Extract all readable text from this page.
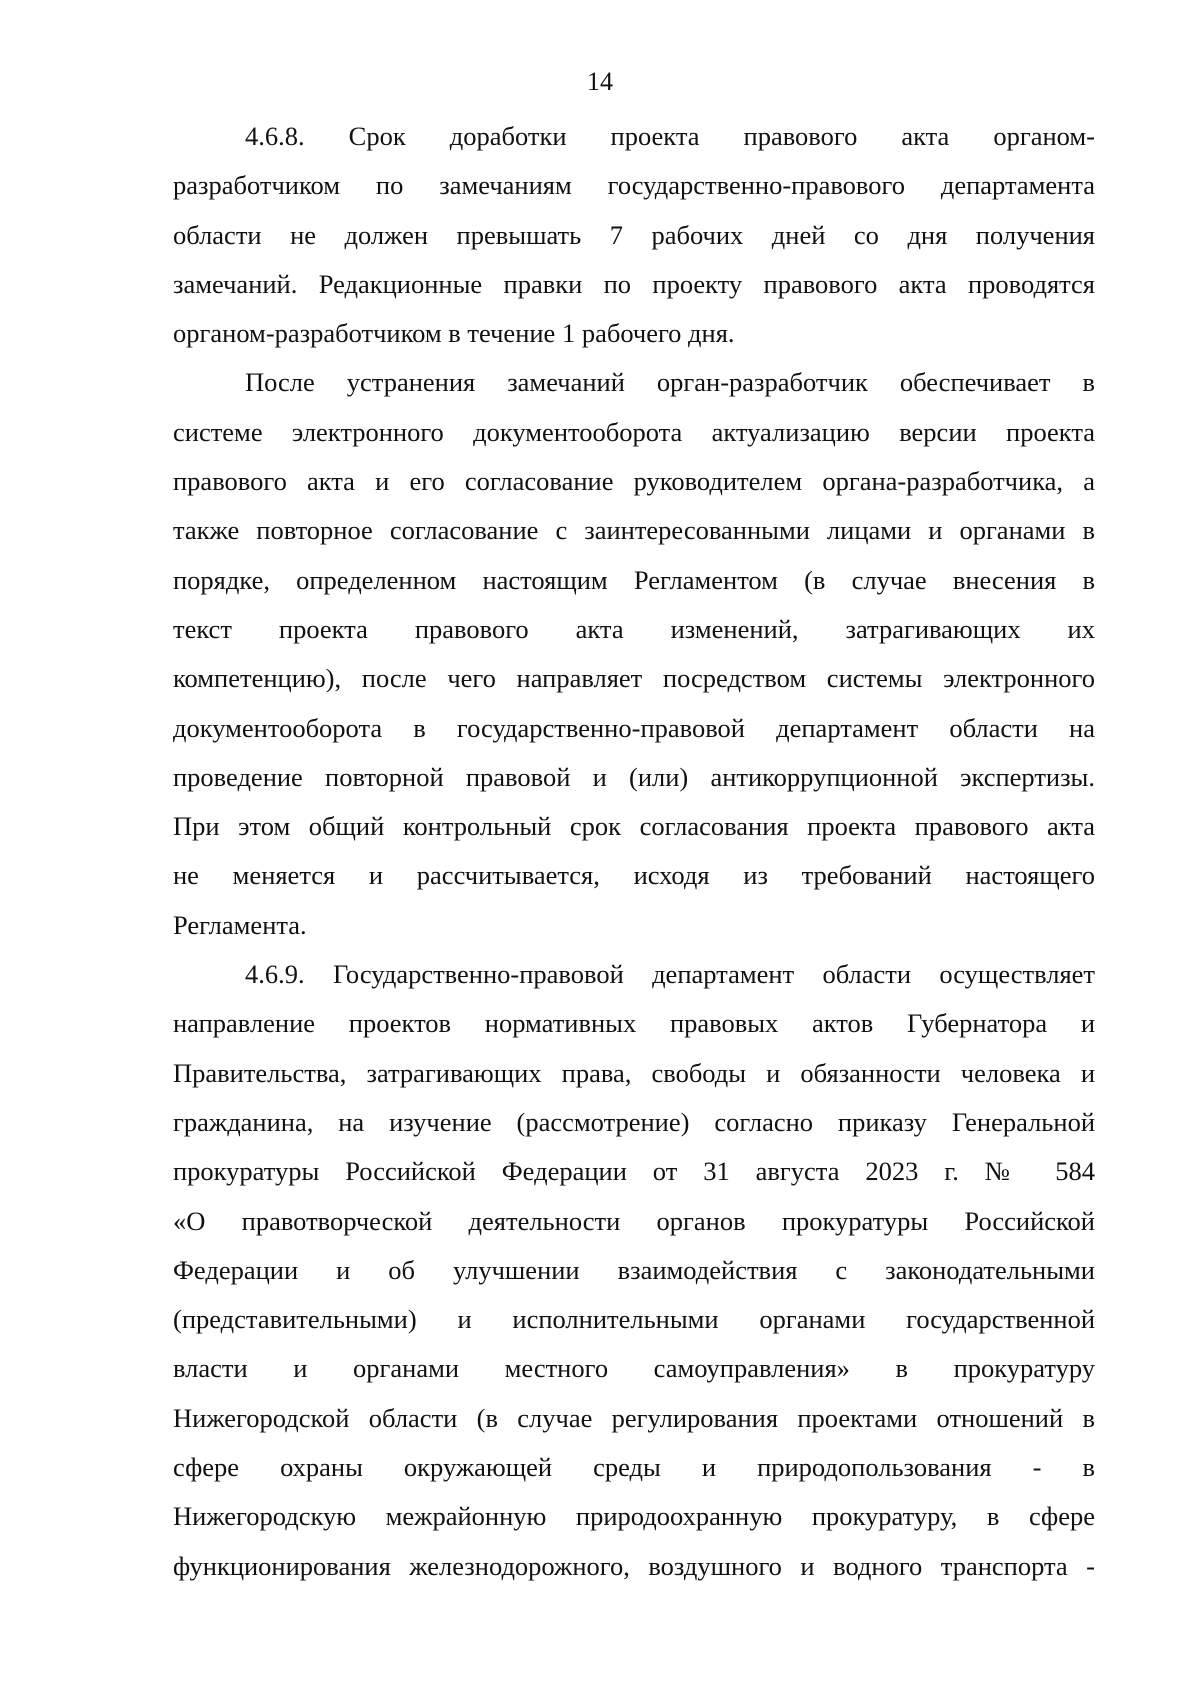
14
4.6.8. Срок доработки проекта правового акта органом-
разработчиком по замечаниям государственно-правового департамента
области не должен превышать 7 рабочих дней со дня получения
замечаний. Редакционные правки по проекту правового акта проводятся
органом-разработчиком в течение 1 рабочего дня.
После устранения замечаний орган-разработчик обеспечивает в
системе электронного документооборота актуализацию версии проекта
правового акта и его согласование руководителем органа-разработчика, а
также повторное согласование с заинтересованными лицами и органами в
порядке, определенном настоящим Регламентом (в случае внесения в
текст проекта правового акта изменений, затрагивающих их
компетенцию), после чего направляет посредством системы электронного
документооборота в государственно-правовой департамент области на
проведение повторной правовой и (или) антикоррупционной экспертизы.
При этом общий контрольный срок согласования проекта правового акта
не меняется и рассчитывается, исходя из требований настоящего
Регламента.
4.6.9. Государственно-правовой департамент области осуществляет
направление проектов нормативных правовых актов Губернатора и
Правительства, затрагивающих права, свободы и обязанности человека и
гражданина, на изучение (рассмотрение) согласно приказу Генеральной
прокуратуры Российской Федерации от 31 августа 2023 г. № 584
«О правотворческой деятельности органов прокуратуры Российской
Федерации и об улучшении взаимодействия с законодательными
(представительными) и исполнительными органами государственной
власти и органами местного самоуправления» в прокуратуру
Нижегородской области (в случае регулирования проектами отношений в
сфере охраны окружающей среды и природопользования - в
Нижегородскую межрайонную природоохранную прокуратуру, в сфере
функционирования железнодорожного, воздушного и водного транспорта -
